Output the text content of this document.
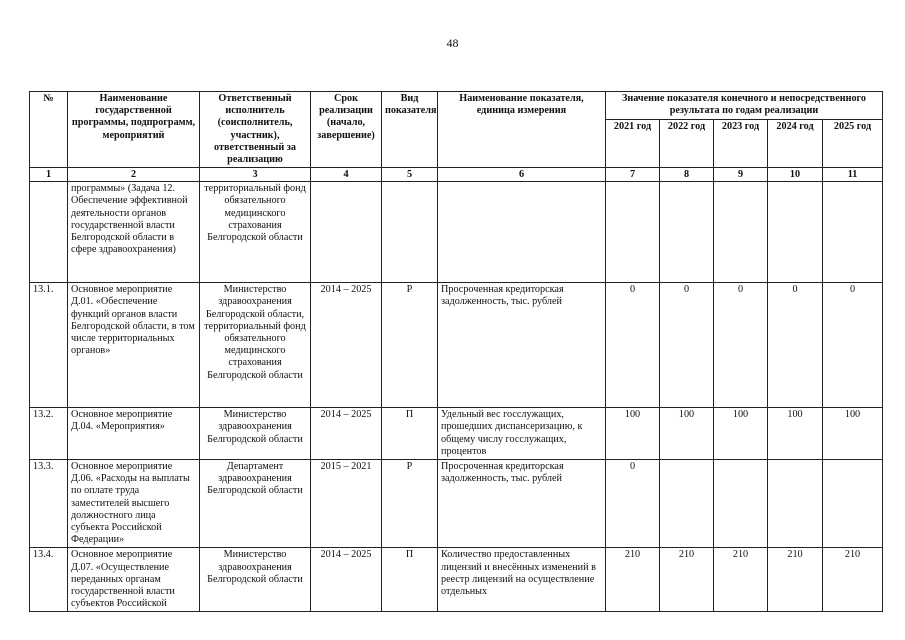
48
№	Наименование государственной программы, подпрограмм, мероприятий	Ответственный исполнитель (соисполнитель, участник), ответственный за реализацию	Срок реализации (начало, завершение)	Вид показателя	Наименование показателя, единица измерения	Значение показателя конечного и непосредственного результата по годам реализации				
						2021 год	2022 год	2023 год	2024 год	2025 год
1	2	3	4	5	6	7	8	9	10	11
	программы» (Задача 12. Обеспечение эффективной деятельности органов государственной власти Белгородской области в сфере здравоохранения)	территориальный фонд обязательного медицинского страхования Белгородской области								
13.1.	Основное мероприятие Д.01. «Обеспечение функций органов власти Белгородской области, в том числе территориальных органов»	Министерство здравоохранения Белгородской области, территориальный фонд обязательного медицинского страхования Белгородской области	2014 – 2025	Р	Просроченная кредиторская задолженность, тыс. рублей	0	0	0	0	0
13.2.	Основное мероприятие Д.04. «Мероприятия»	Министерство здравоохранения Белгородской области	2014 – 2025	П	Удельный вес госслужащих, прошедших диспансеризацию, к общему числу госслужащих, процентов	100	100	100	100	100
13.3.	Основное мероприятие Д.06. «Расходы на выплаты по оплате труда заместителей высшего должностного лица субъекта Российской Федерации»	Департамент здравоохранения Белгородской области	2015 – 2021	Р	Просроченная кредиторская задолженность, тыс. рублей	0				
13.4.	Основное мероприятие Д.07. «Осуществление переданных органам государственной власти субъектов Российской	Министерство здравоохранения Белгородской области	2014 – 2025	П	Количество предоставленных лицензий и внесённых изменений в реестр лицензий на осуществление отдельных	210	210	210	210	210
